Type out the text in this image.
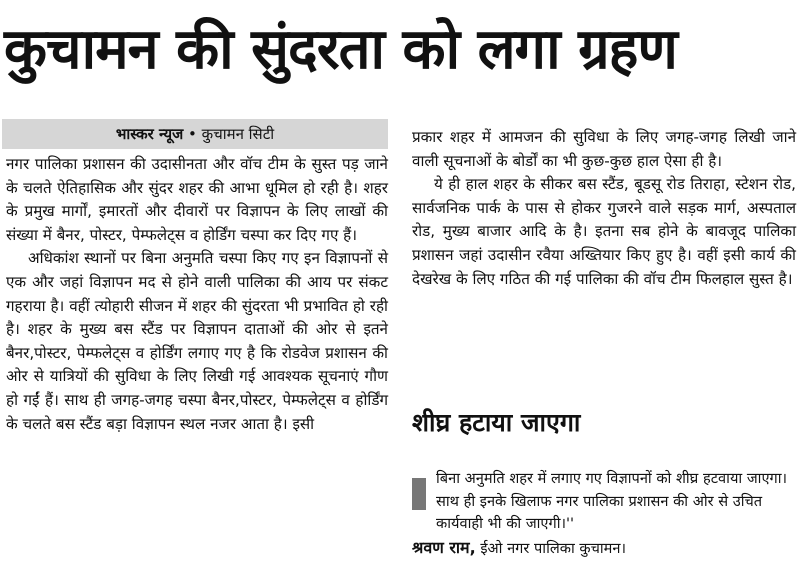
कुचामन की सुंदरता को लगा ग्रहण
भास्कर न्यूज • कुचामन सिटी

नगर पालिका प्रशासन की उदासीनता और वॉच टीम के सुस्त पड़ जाने के चलते ऐतिहासिक और सुंदर शहर की आभा धूमिल हो रही है। शहर के प्रमुख मार्गों, इमारतों और दीवारों पर विज्ञापन के लिए लाखों की संख्या में बैनर, पोस्टर, पेम्फलेट्स व होर्डिंग चस्पा कर दिए गए हैं।

अधिकांश स्थानों पर बिना अनुमति चस्पा किए गए इन विज्ञापनों से एक और जहां विज्ञापन मद से होने वाली पालिका की आय पर संकट गहराया है। वहीं त्योहारी सीजन में शहर की सुंदरता भी प्रभावित हो रही है। शहर के मुख्य बस स्टैंड पर विज्ञापन दाताओं की ओर से इतने बैनर,पोस्टर, पेम्फलेट्स व होर्डिंग लगाए गए है कि रोडवेज प्रशासन की ओर से यात्रियों की सुविधा के लिए लिखी गई आवश्यक सूचनाएं गौण हो गईं हैं। साथ ही जगह-जगह चस्पा बैनर,पोस्टर, पेम्फलेट्स व होर्डिंग के चलते बस स्टैंड बड़ा विज्ञापन स्थल नजर आता है। इसी

प्रकार शहर में आमजन की सुविधा के लिए जगह-जगह लिखी जाने वाली सूचनाओं के बोर्डों का भी कुछ-कुछ हाल ऐसा ही है।

ये ही हाल शहर के सीकर बस स्टैंड, बूडसू रोड तिराहा, स्टेशन रोड, सार्वजनिक पार्क के पास से होकर गुजरने वाले सड़क मार्ग, अस्पताल रोड, मुख्य बाजार आदि के है। इतना सब होने के बावजूद पालिका प्रशासन जहां उदासीन रवैया अख्तियार किए हुए है। वहीं इसी कार्य की देखरेख के लिए गठित की गई पालिका की वॉच टीम फिलहाल सुस्त है।

शीघ्र हटाया जाएगा
बिना अनुमति शहर में लगाए गए विज्ञापनों को शीघ्र हटवाया जाएगा। साथ ही इनके खिलाफ नगर पालिका प्रशासन की ओर से उचित कार्यवाही भी की जाएगी।''
श्रवण राम, ईओ नगर पालिका कुचामन।
